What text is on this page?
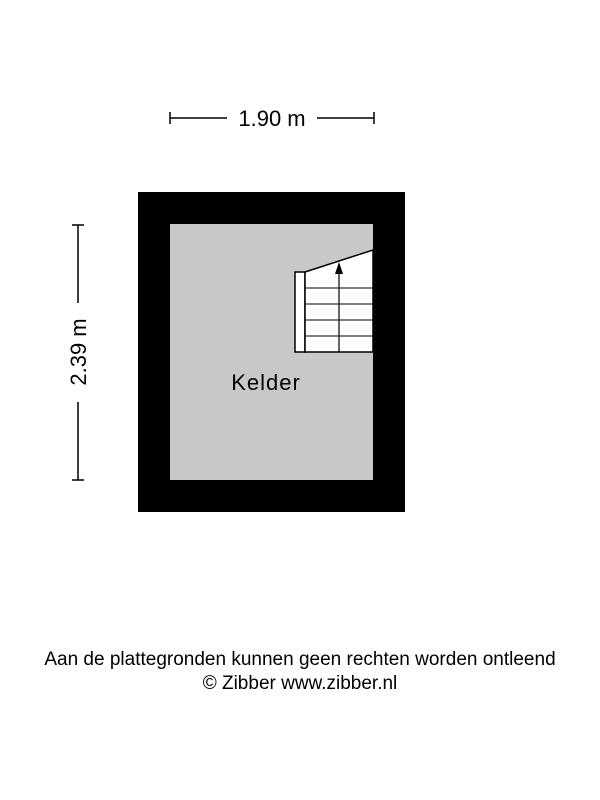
1.90 m
2.39 m	Kelder
Aan de plattegronden kunnen geen rechten worden ontleend
© Zibber www.zibber.nl
